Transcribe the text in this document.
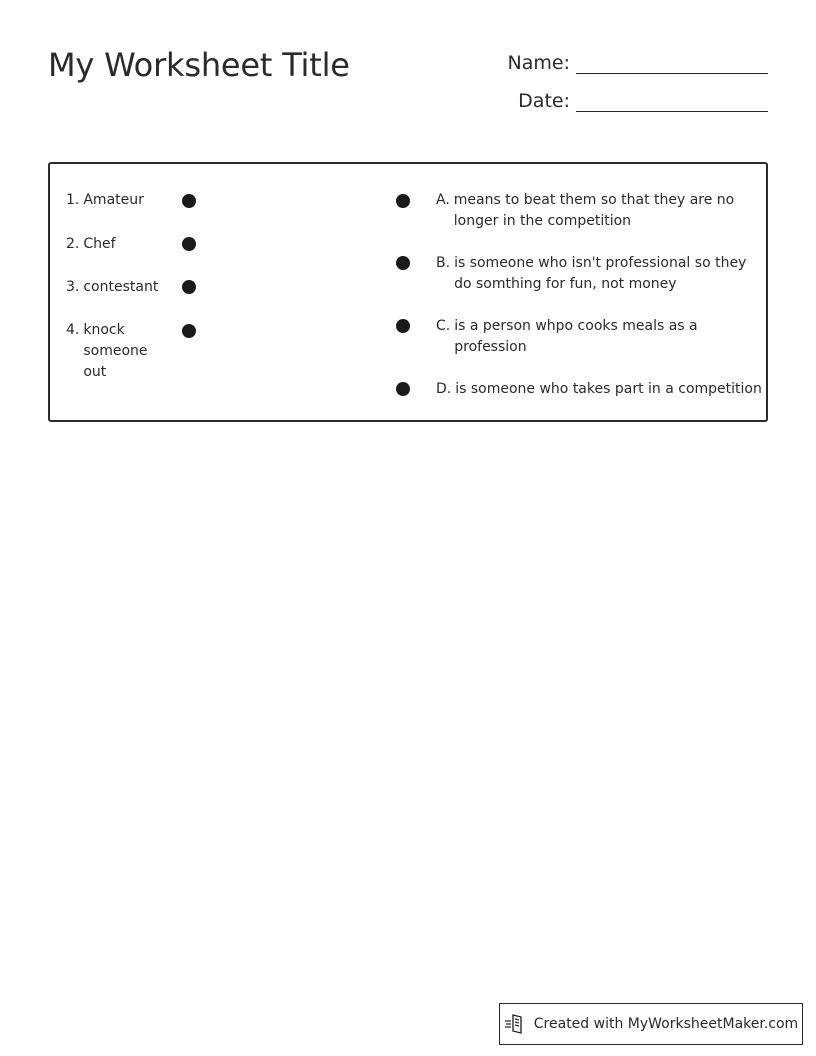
My Worksheet Title	Name:
Date:
1. Amateur
2. Chef
3. contestant
4. knock someone out
A. means to beat them so that they are no longer in the competition
B. is someone who isn't professional so they do somthing for fun, not money
C. is a person whpo cooks meals as a profession
D. is someone who takes part in a competition
Created with MyWorksheetMaker.com
